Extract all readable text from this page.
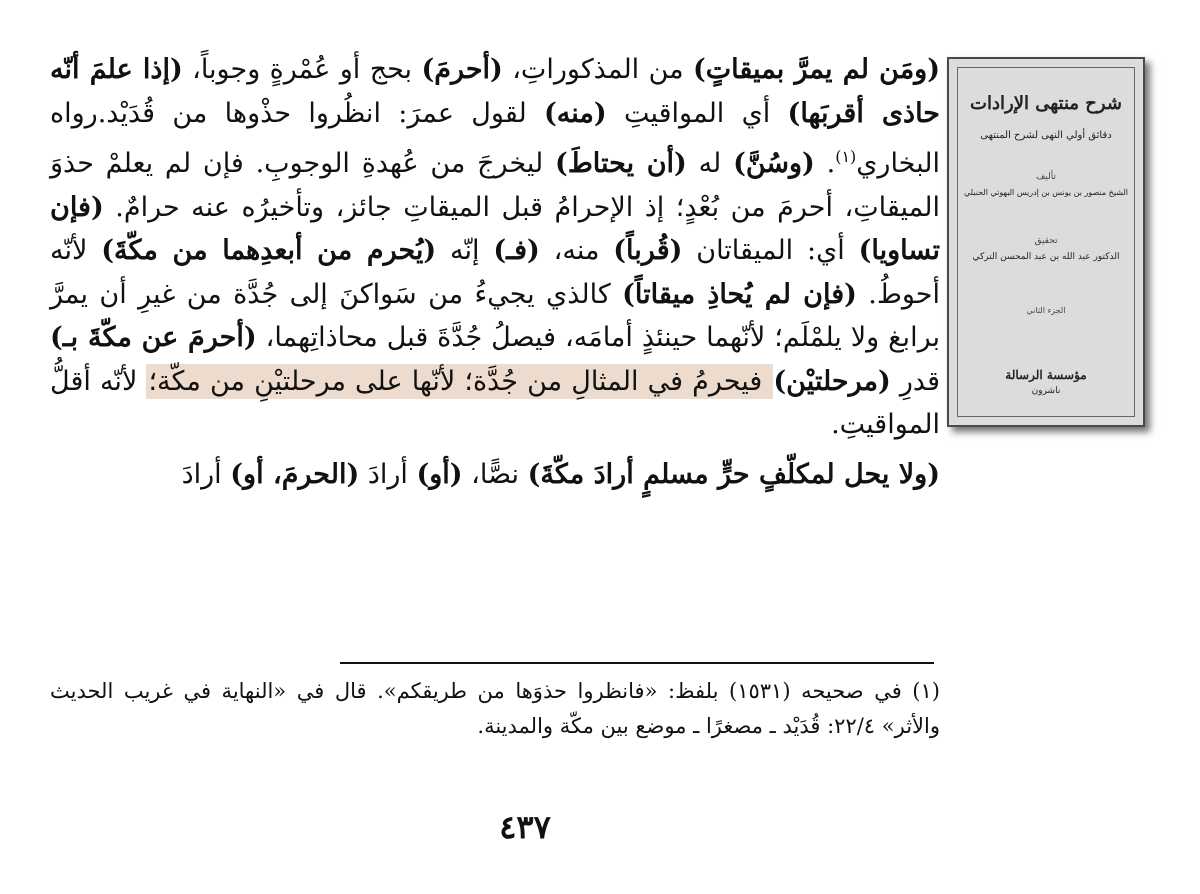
(ومَن لم يمرَّ بميقاتٍ) من المذكوراتِ، (أحرمَ) بحج أو عُمْرةٍ وجوباً، (إذا علمَ أنّه حاذى أقربَها) أي المواقيتِ (منه) لقول عمرَ: انظُروا حذْوها من قُدَيْد.رواه البخاري$^{(١)}$. (وسُنَّ) له (أن يحتاطَ) ليخرجَ من عُهدةِ الوجوبِ. فإن لم يعلمْ حذوَ الميقاتِ، أحرمَ من بُعْدٍ؛ إذ الإحرامُ قبل الميقاتِ جائز، وتأخيرُه عنه حرامٌ. (فإن تساويا) أي: الميقاتان (قُرباً) منه، (فـ) إنّه (يُحرم من أبعدِهما من مكّةَ) لأنّه أحوطُ. (فإن لم يُحاذِ ميقاتاً) كالذي يجيءُ من سَواكنَ إلى جُدَّة من غيرِ أن يمرَّ برابغ ولا يلمْلَم؛ لأنّهما حينئذٍ أمامَه، فيصلُ جُدَّةَ قبل محاذاتِهما، (أحرمَ عن مكّةَ بـ) قدرِ (مرحلتيْن) فيحرمُ في المثالِ من جُدَّة؛ لأنّها على مرحلتيْنِ من مكّة؛ لأنّه أقلُّ المواقيتِ.

(ولا يحل لمكلّفٍ حرٍّ مسلمٍ أرادَ مكّةَ) نصًّا، (أو) أرادَ (الحرمَ، أو) أرادَ

(١) في صحيحه (١٥٣١) بلفظ: «فانظروا حذوَها من طريقكم». قال في «النهاية في غريب الحديث والأثر» ٢٢/٤: قُدَيْد ـ مصغرًا ـ موضع بين مكّة والمدينة.
٤٣٧
شرح منتهى الإرادات
دقائق أولي النهى لشرح المنتهى
تأليف
الشيخ منصور بن يونس بن إدريس البهوتي الحنبلي
تحقيق
الدكتور عبد الله بن عبد المحسن التركي
الجزء الثاني
مؤسسة الرسالة
ناشرون
